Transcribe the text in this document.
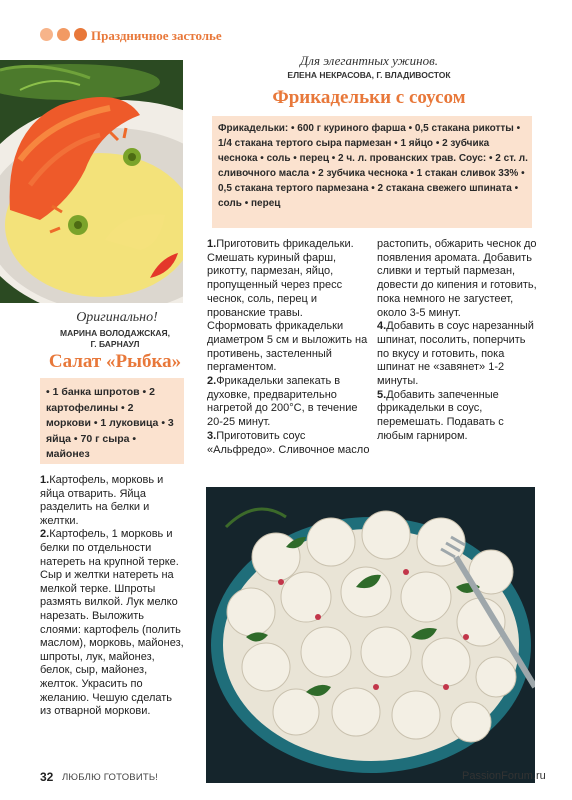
Праздничное застолье
Оригинально!
МАРИНА ВОЛОДАЖСКАЯ,
Г. БАРНАУЛ
Салат «Рыбка»
• 1 банка шпротов • 2 картофелины • 2 моркови • 1 луковица • 3 яйца • 70 г сыра • майонез

1.Картофель, морковь и яйца отварить. Яйца разделить на белки и желтки.

2.Картофель, 1 морковь и белки по отдельности натереть на крупной терке. Сыр и желтки натереть на мелкой терке. Шпроты размять вилкой. Лук мелко нарезать. Выложить слоями: картофель (полить маслом), морковь, майонез, шпроты, лук, майонез, белок, сыр, майонез, желток. Украсить по желанию. Чешую сделать из отварной моркови.

Для элегантных ужинов.
ЕЛЕНА НЕКРАСОВА, Г. ВЛАДИВОСТОК
Фрикадельки с соусом
Фрикадельки: • 600 г куриного фарша • 0,5 стакана рикотты • 1/4 стакана тертого сыра пармезан • 1 яйцо • 2 зубчика чеснока • соль • перец • 2 ч. л. прованских трав. Соус: • 2 ст. л. сливочного масла • 2 зубчика чеснока • 1 стакан сливок 33% • 0,5 стакана тертого пармезана • 2 стакана свежего шпината • соль • перец

1.Приготовить фрикадельки. Смешать куриный фарш, рикотту, пармезан, яйцо, пропущенный через пресс чеснок, соль, перец и прованские травы. Сформовать фрикадельки диаметром 5 см и выложить на противень, застеленный пергаментом.

2.Фрикадельки запекать в духовке, предварительно нагретой до 200°С, в течение 20-25 минут.

3.Приготовить соус «Альфредо». Сливочное масло

растопить, обжарить чеснок до появления аромата. Добавить сливки и тертый пармезан, довести до кипения и готовить, пока немного не загустеет, около 3-5 минут.

4.Добавить в соус нарезанный шпинат, посолить, поперчить по вкусу и готовить, пока шпинат не «завянет» 1-2 минуты.

5.Добавить запеченные фрикадельки в соус, перемешать. Подавать с любым гарниром.

32 ЛЮБЛЮ ГОТОВИТЬ!	PassionForum.ru
